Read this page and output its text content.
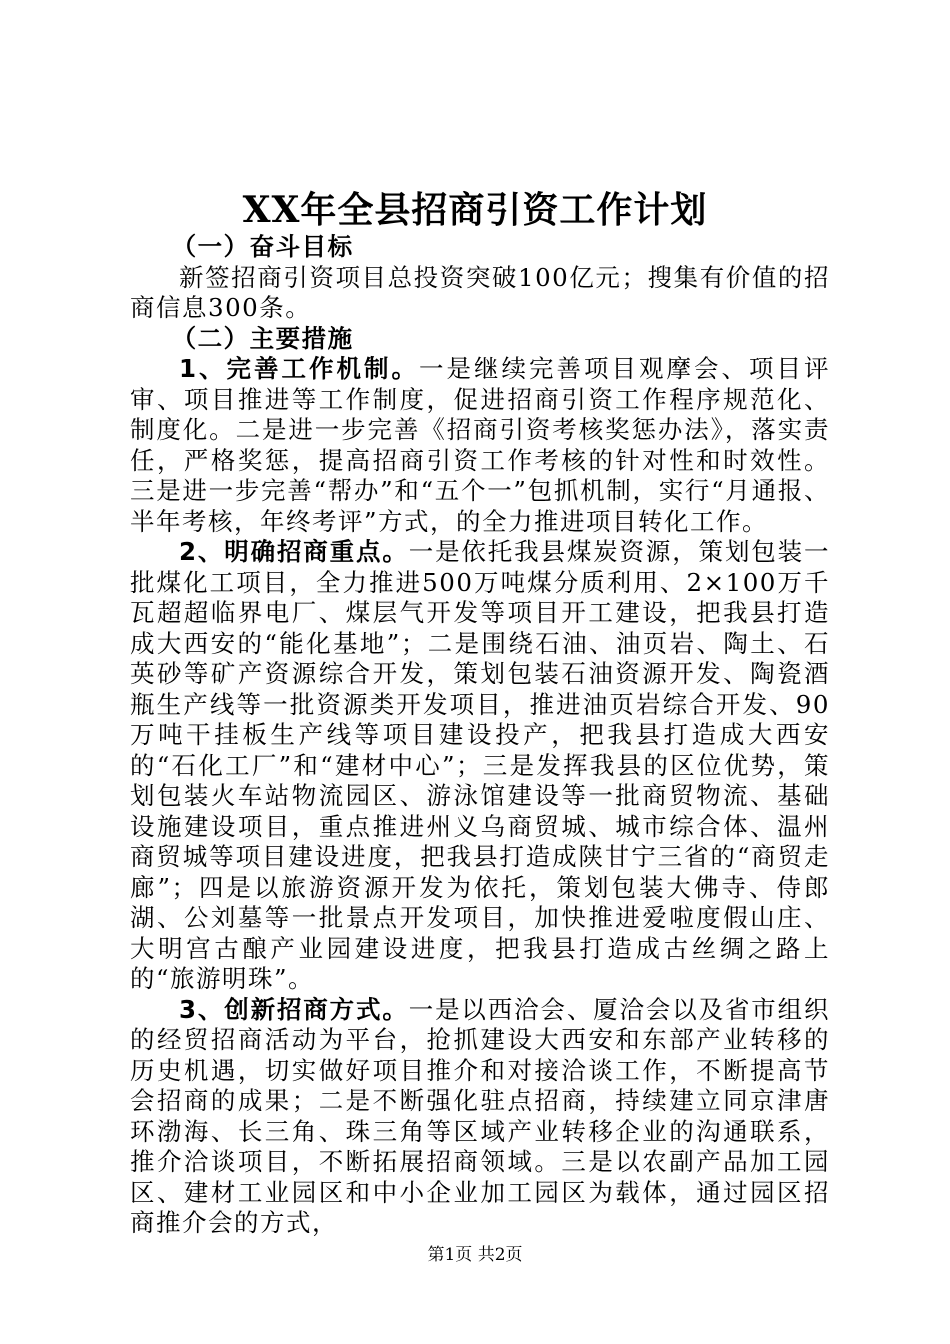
XX年全县招商引资工作计划

（一）奋斗目标

新签招商引资项目总投资突破100亿元；搜集有价值的招商信息300条。

（二）主要措施

1、完善工作机制。一是继续完善项目观摩会、项目评审、项目推进等工作制度，促进招商引资工作程序规范化、制度化。二是进一步完善《招商引资考核奖惩办法》，落实责任，严格奖惩，提高招商引资工作考核的针对性和时效性。三是进一步完善“帮办”和“五个一”包抓机制，实行“月通报、半年考核，年终考评”方式，的全力推进项目转化工作。

2、明确招商重点。一是依托我县煤炭资源，策划包装一批煤化工项目，全力推进500万吨煤分质利用、2×100万千瓦超超临界电厂、煤层气开发等项目开工建设，把我县打造成大西安的“能化基地”；二是围绕石油、油页岩、陶土、石英砂等矿产资源综合开发，策划包装石油资源开发、陶瓷酒瓶生产线等一批资源类开发项目，推进油页岩综合开发、90万吨干挂板生产线等项目建设投产，把我县打造成大西安的“石化工厂”和“建材中心”；三是发挥我县的区位优势，策划包装火车站物流园区、游泳馆建设等一批商贸物流、基础设施建设项目，重点推进州义乌商贸城、城市综合体、温州商贸城等项目建设进度，把我县打造成陕甘宁三省的“商贸走廊”；四是以旅游资源开发为依托，策划包装大佛寺、侍郎湖、公刘墓等一批景点开发项目，加快推进爱啦度假山庄、大明宫古酿产业园建设进度，把我县打造成古丝绸之路上的“旅游明珠”。

3、创新招商方式。一是以西洽会、厦洽会以及省市组织的经贸招商活动为平台，抢抓建设大西安和东部产业转移的历史机遇，切实做好项目推介和对接洽谈工作，不断提高节会招商的成果；二是不断强化驻点招商，持续建立同京津唐环渤海、长三角、珠三角等区域产业转移企业的沟通联系，推介洽谈项目，不断拓展招商领域。三是以农副产品加工园区、建材工业园区和中小企业加工园区为载体，通过园区招商推介会的方式，

第1页 共2页
